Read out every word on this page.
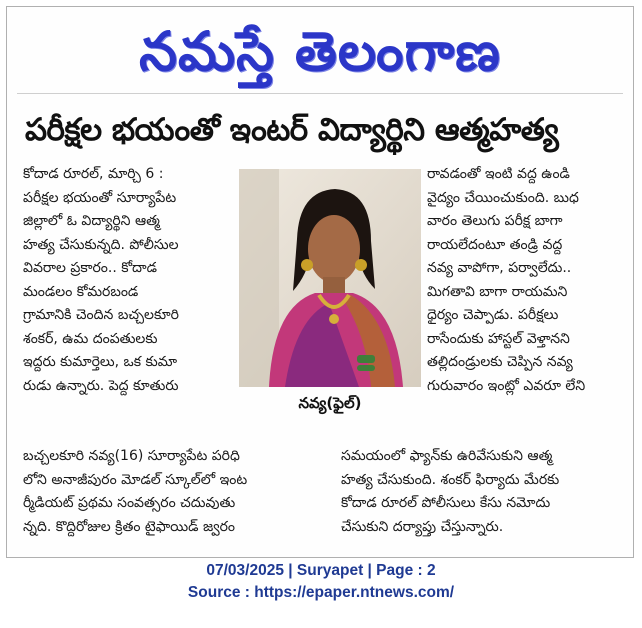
నమస్తే తెలంగాణ
పరీక్షల భయంతో ఇంటర్ విద్యార్థిని ఆత్మహత్య
కోదాడ రూరల్, మార్చి 6 :
పరీక్షల భయంతో సూర్యాపేట
జిల్లాలో ఓ విద్యార్థిని ఆత్మ
హత్య చేసుకున్నది. పోలీసుల
వివరాల ప్రకారం.. కోదాడ
మండలం కోమరబండ
గ్రామానికి చెందిన బచ్చలకూరి
శంకర్, ఉమ దంపతులకు
ఇద్దరు కుమార్తెలు, ఒక కుమా
రుడు ఉన్నారు. పెద్ద కూతురు
నవ్య(ఫైల్)
రావడంతో ఇంటి వద్ద ఉండి
వైద్యం చేయించుకుంది. బుధ
వారం తెలుగు పరీక్ష బాగా
రాయలేదంటూ తండ్రి వద్ద
నవ్య వాపోగా, పర్వాలేదు..
మిగతావి బాగా రాయమని
ధైర్యం చెప్పాడు. పరీక్షలు
రాసేందుకు హాస్టల్ వెళ్తానని
తల్లిదండ్రులకు చెప్పిన నవ్య
గురువారం ఇంట్లో ఎవరూ లేని
బచ్చలకూరి నవ్య(16) సూర్యాపేట పరిధి
లోని అనాజీపురం మోడల్ స్కూల్‌లో ఇంట
ర్మీడియట్ ప్రథమ సంవత్సరం చదువుతు
న్నది. కొద్దిరోజుల క్రితం టైఫాయిడ్ జ్వరం
సమయంలో ఫ్యాన్‌కు ఉరివేసుకుని ఆత్మ
హత్య చేసుకుంది. శంకర్ ఫిర్యాదు మేరకు
కోదాడ రూరల్ పోలీసులు కేసు నమోదు
చేసుకుని దర్యాప్తు చేస్తున్నారు.
07/03/2025 | Suryapet | Page : 2
Source : https://epaper.ntnews.com/
